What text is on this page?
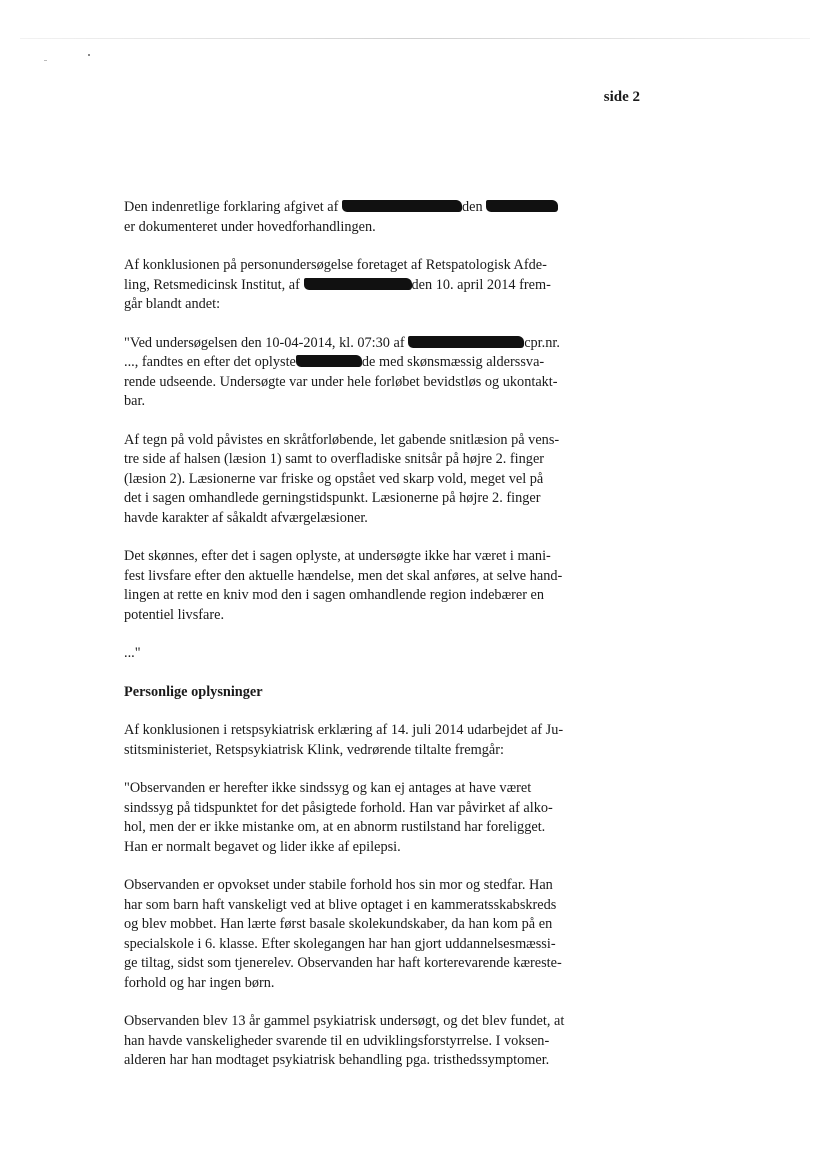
side 2

Den indenretlige forklaring afgivet af	den
er dokumenteret under hovedforhandlingen.

Af konklusionen på personundersøgelse foretaget af Retspatologisk Afde-
ling, Retsmedicinsk Institut, af	den 10. april 2014 frem-
går blandt andet:

"Ved undersøgelsen den 10-04-2014, kl. 07:30 af	cpr.nr.
..., fandtes en efter det oplyste	de med skønsmæssig alderssva-
rende udseende. Undersøgte var under hele forløbet bevidstløs og ukontakt-
bar.

Af tegn på vold påvistes en skråtforløbende, let gabende snitlæsion på vens-
tre side af halsen (læsion 1) samt to overfladiske snitsår på højre 2. finger
(læsion 2). Læsionerne var friske og opstået ved skarp vold, meget vel på
det i sagen omhandlede gerningstidspunkt. Læsionerne på højre 2. finger
havde karakter af såkaldt afværgelæsioner.

Det skønnes, efter det i sagen oplyste, at undersøgte ikke har været i mani-
fest livsfare efter den aktuelle hændelse, men det skal anføres, at selve hand-
lingen at rette en kniv mod den i sagen omhandlende region indebærer en
potentiel livsfare.

..."

Personlige oplysninger

Af konklusionen i retspsykiatrisk erklæring af 14. juli 2014 udarbejdet af Ju-
stitsministeriet, Retspsykiatrisk Klink, vedrørende tiltalte fremgår:

"Observanden er herefter ikke sindssyg og kan ej antages at have været
sindssyg på tidspunktet for det påsigtede forhold. Han var påvirket af alko-
hol, men der er ikke mistanke om, at en abnorm rustilstand har foreligget.
Han er normalt begavet og lider ikke af epilepsi.

Observanden er opvokset under stabile forhold hos sin mor og stedfar. Han
har som barn haft vanskeligt ved at blive optaget i en kammeratsskabskreds
og blev mobbet. Han lærte først basale skolekundskaber, da han kom på en
specialskole i 6. klasse. Efter skolegangen har han gjort uddannelsesmæssi-
ge tiltag, sidst som tjenerelev. Observanden har haft korterevarende kæreste-
forhold og har ingen børn.

Observanden blev 13 år gammel psykiatrisk undersøgt, og det blev fundet, at
han havde vanskeligheder svarende til en udviklingsforstyrrelse. I voksen-
alderen har han modtaget psykiatrisk behandling pga. tristhedssymptomer.
